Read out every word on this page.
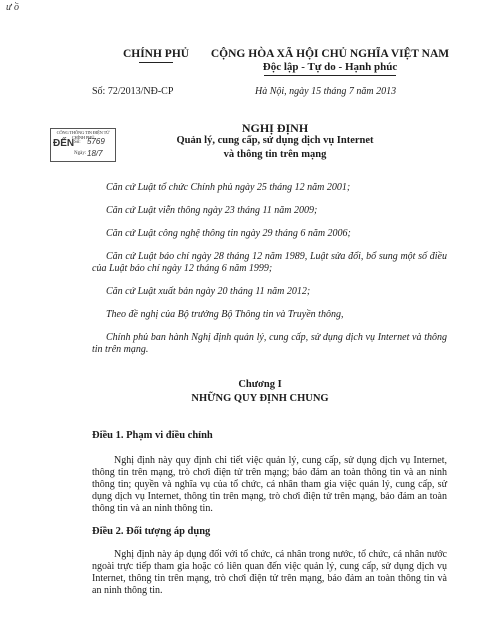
ư ồ
CHÍNH PHỦ	CỘNG HÒA XÃ HỘI CHỦ NGHĨA VIỆT NAM
Độc lập - Tự do - Hạnh phúc
Số: 72/2013/NĐ-CP	Hà Nội, ngày 15 tháng 7 năm 2013
CỔNG THÔNG TIN ĐIỆN TỬ CHÍNH PHỦ
ĐẾN Số: 5769
Ngày: 18/7
NGHỊ ĐỊNH
Quản lý, cung cấp, sử dụng dịch vụ Internet
và thông tin trên mạng
Căn cứ Luật tổ chức Chính phủ ngày 25 tháng 12 năm 2001;
Căn cứ Luật viễn thông ngày 23 tháng 11 năm 2009;
Căn cứ Luật công nghệ thông tin ngày 29 tháng 6 năm 2006;
Căn cứ Luật báo chí ngày 28 tháng 12 năm 1989, Luật sửa đổi, bổ sung một số điều của Luật báo chí ngày 12 tháng 6 năm 1999;
Căn cứ Luật xuất bản ngày 20 tháng 11 năm 2012;
Theo đề nghị của Bộ trưởng Bộ Thông tin và Truyền thông,
Chính phủ ban hành Nghị định quản lý, cung cấp, sử dụng dịch vụ Internet và thông tin trên mạng.
Chương I
NHỮNG QUY ĐỊNH CHUNG
Điều 1. Phạm vi điều chỉnh
Nghị định này quy định chi tiết việc quản lý, cung cấp, sử dụng dịch vụ Internet, thông tin trên mạng, trò chơi điện tử trên mạng; bảo đảm an toàn thông tin và an ninh thông tin; quyền và nghĩa vụ của tổ chức, cá nhân tham gia việc quản lý, cung cấp, sử dụng dịch vụ Internet, thông tin trên mạng, trò chơi điện tử trên mạng, bảo đảm an toàn thông tin và an ninh thông tin.
Điều 2. Đối tượng áp dụng
Nghị định này áp dụng đối với tổ chức, cá nhân trong nước, tổ chức, cá nhân nước ngoài trực tiếp tham gia hoặc có liên quan đến việc quản lý, cung cấp, sử dụng dịch vụ Internet, thông tin trên mạng, trò chơi điện tử trên mạng, bảo đảm an toàn thông tin và an ninh thông tin.
